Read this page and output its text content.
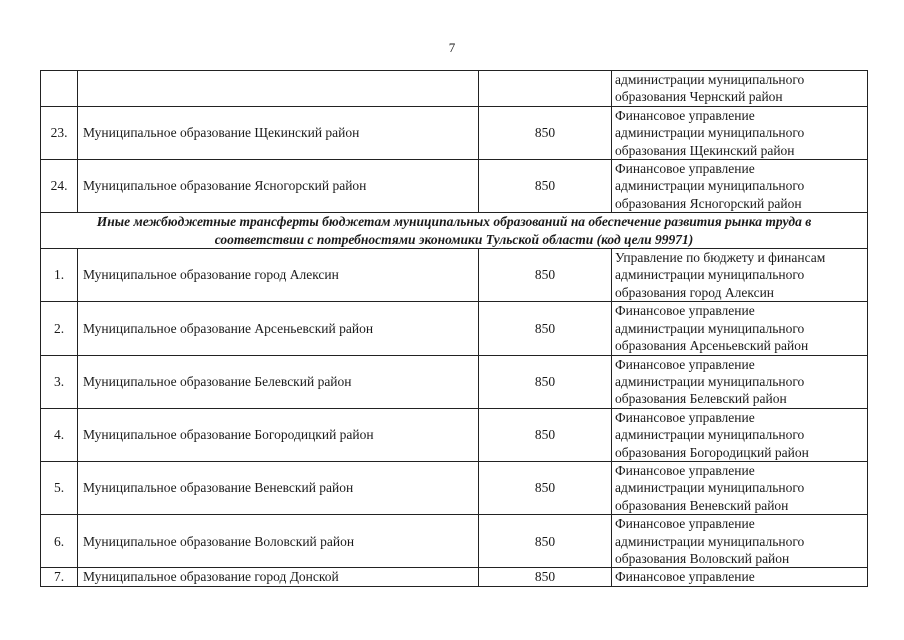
7

			администрации муниципального
образования Чернский район

23.	Муниципальное образование Щекинский район	850	Финансовое управление
администрации муниципального
образования Щекинский район

24.	Муниципальное образование Ясногорский район	850	Финансовое управление
администрации муниципального
образования Ясногорский район

Иные межбюджетные трансферты бюджетам муниципальных образований на обеспечение развития рынка труда в
соответствии с потребностями экономики Тульской области (код цели 99971)			

1.	Муниципальное образование город Алексин	850	Управление по бюджету и финансам
администрации муниципального
образования город Алексин

2.	Муниципальное образование Арсеньевский район	850	Финансовое управление
администрации муниципального
образования Арсеньевский район

3.	Муниципальное образование Белевский район	850	Финансовое управление
администрации муниципального
образования Белевский район

4.	Муниципальное образование Богородицкий район	850	Финансовое управление
администрации муниципального
образования Богородицкий район

5.	Муниципальное образование Веневский район	850	Финансовое управление
администрации муниципального
образования Веневский район

6.	Муниципальное образование Воловский район	850	Финансовое управление
администрации муниципального
образования Воловский район

7.	Муниципальное образование город Донской	850	Финансовое управление
